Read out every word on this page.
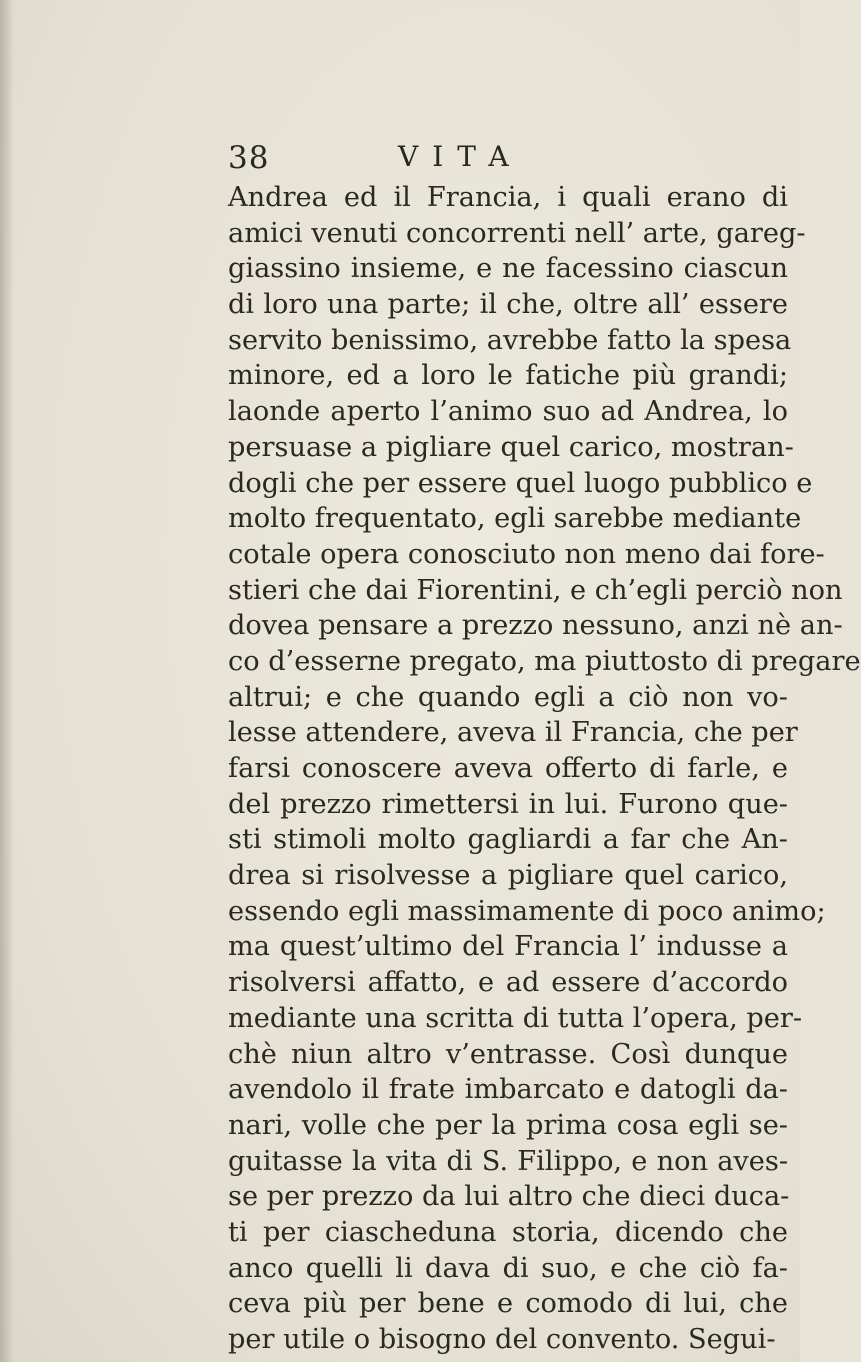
38	VITA
Andrea ed il Francia, i quali erano di
amici venuti concorrenti nell’ arte, gareg-
giassino insieme, e ne facessino ciascun
di loro una parte; il che, oltre all’ essere
servito benissimo, avrebbe fatto la spesa
minore, ed a loro le fatiche più grandi;
laonde aperto l’animo suo ad Andrea, lo
persuase a pigliare quel carico, mostran-
dogli che per essere quel luogo pubblico e
molto frequentato, egli sarebbe mediante
cotale opera conosciuto non meno dai fore-
stieri che dai Fiorentini, e ch’egli perciò non
dovea pensare a prezzo nessuno, anzi nè an-
co d’esserne pregato, ma piuttosto di pregare
altrui; e che quando egli a ciò non vo-
lesse attendere, aveva il Francia, che per
farsi conoscere aveva offerto di farle, e
del prezzo rimettersi in lui. Furono que-
sti stimoli molto gagliardi a far che An-
drea si risolvesse a pigliare quel carico,
essendo egli massimamente di poco animo;
ma quest’ultimo del Francia l’ indusse a
risolversi affatto, e ad essere d’accordo
mediante una scritta di tutta l’opera, per-
chè niun altro v’entrasse. Così dunque
avendolo il frate imbarcato e datogli da-
nari, volle che per la prima cosa egli se-
guitasse la vita di S. Filippo, e non aves-
se per prezzo da lui altro che dieci duca-
ti per ciascheduna storia, dicendo che
anco quelli li dava di suo, e che ciò fa-
ceva più per bene e comodo di lui, che
per utile o bisogno del convento. Segui-
